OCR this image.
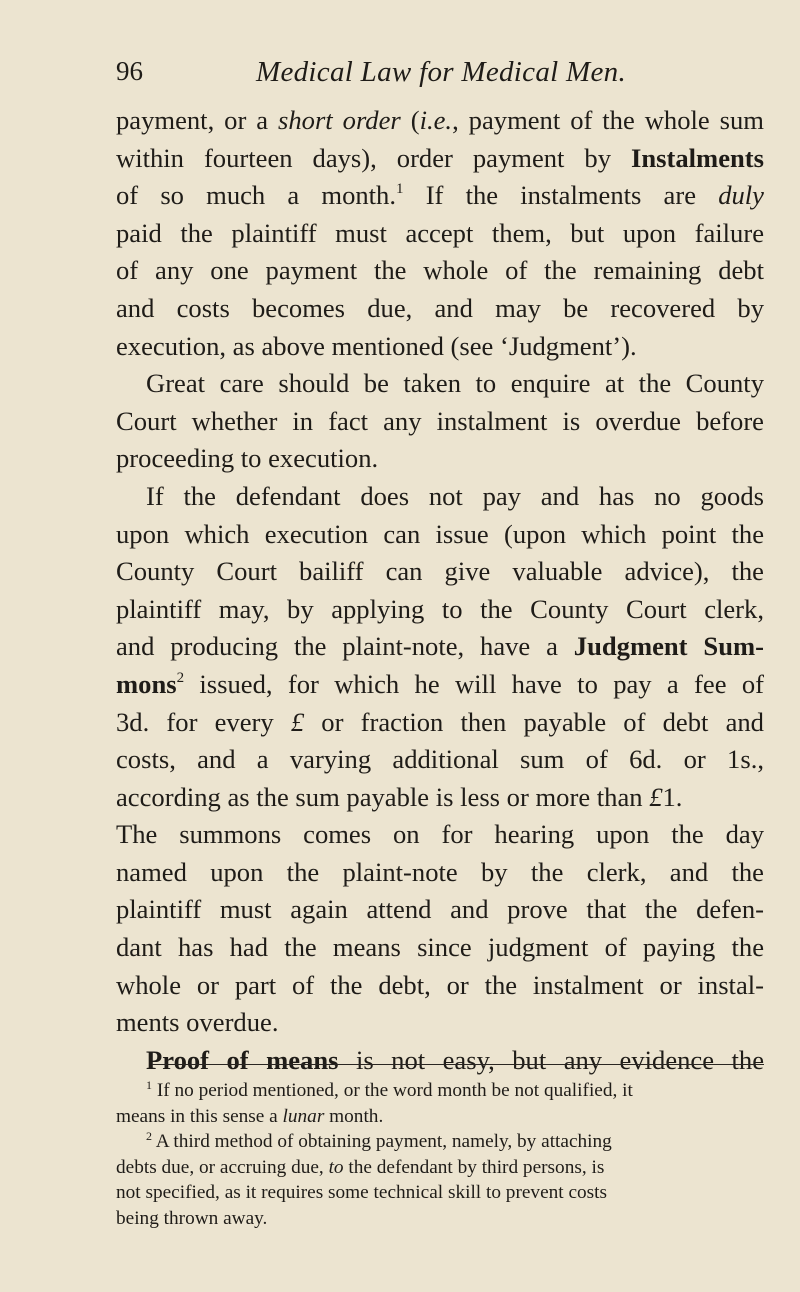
96	Medical Law for Medical Men.
payment, or a short order (i.e., payment of the whole sum
within fourteen days), order payment by Instalments
of so much a month.$^1$ If the instalments are duly
paid the plaintiff must accept them, but upon failure
of any one payment the whole of the remaining debt
and costs becomes due, and may be recovered by
execution, as above mentioned (see ‘Judgment’).
Great care should be taken to enquire at the County
Court whether in fact any instalment is overdue before
proceeding to execution.
If the defendant does not pay and has no goods
upon which execution can issue (upon which point the
County Court bailiff can give valuable advice), the
plaintiff may, by applying to the County Court clerk,
and producing the plaint-note, have a Judgment Sum-
mons$^2$ issued, for which he will have to pay a fee of
3d. for every £ or fraction then payable of debt and
costs, and a varying additional sum of 6d. or 1s.,
according as the sum payable is less or more than £1.
The summons comes on for hearing upon the day
named upon the plaint-note by the clerk, and the
plaintiff must again attend and prove that the defen-
dant has had the means since judgment of paying the
whole or part of the debt, or the instalment or instal-
ments overdue.
Proof of means is not easy, but any evidence the
$^1$ If no period mentioned, or the word month be not qualified, it
means in this sense a lunar month.
$^2$ A third method of obtaining payment, namely, by attaching
debts due, or accruing due, to the defendant by third persons, is
not specified, as it requires some technical skill to prevent costs
being thrown away.
